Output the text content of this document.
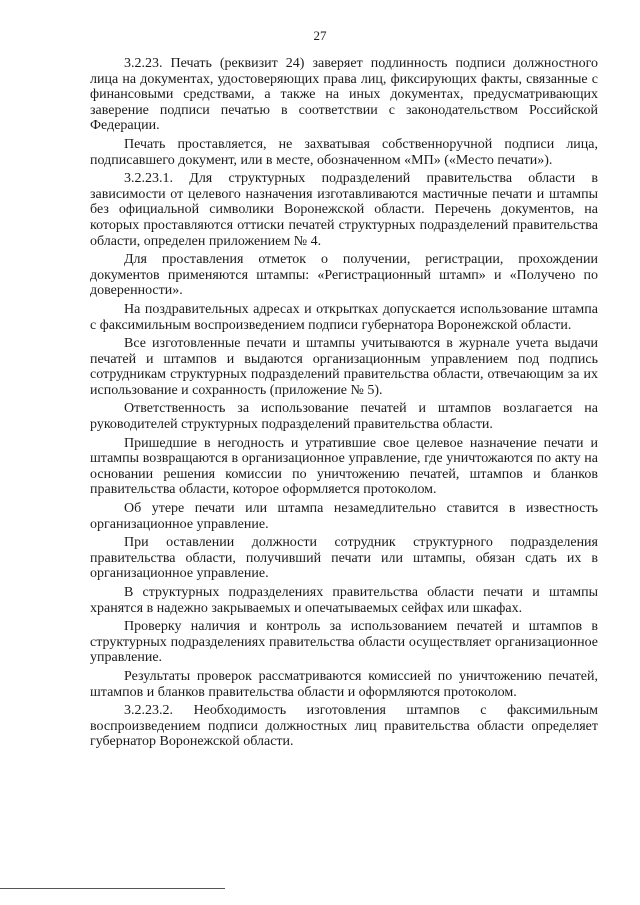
27

3.2.23. Печать (реквизит 24) заверяет подлинность подписи должностного лица на документах, удостоверяющих права лиц, фиксирующих факты, связанные с финансовыми средствами, а также на иных документах, предусматривающих заверение подписи печатью в соответствии с законодательством Российской Федерации.

Печать проставляется, не захватывая собственноручной подписи лица, подписавшего документ, или в месте, обозначенном «МП» («Место печати»).

3.2.23.1. Для структурных подразделений правительства области в зависимости от целевого назначения изготавливаются мастичные печати и штампы без официальной символики Воронежской области. Перечень документов, на которых проставляются оттиски печатей структурных подразделений правительства области, определен приложением № 4.

Для проставления отметок о получении, регистрации, прохождении документов применяются штампы: «Регистрационный штамп» и «Получено по доверенности».

На поздравительных адресах и открытках допускается использование штампа с факсимильным воспроизведением подписи губернатора Воронежской области.

Все изготовленные печати и штампы учитываются в журнале учета выдачи печатей и штампов и выдаются организационным управлением под подпись сотрудникам структурных подразделений правительства области, отвечающим за их использование и сохранность (приложение № 5).

Ответственность за использование печатей и штампов возлагается на руководителей структурных подразделений правительства области.

Пришедшие в негодность и утратившие свое целевое назначение печати и штампы возвращаются в организационное управление, где уничтожаются по акту на основании решения комиссии по уничтожению печатей, штампов и бланков правительства области, которое оформляется протоколом.

Об утере печати или штампа незамедлительно ставится в известность организационное управление.

При оставлении должности сотрудник структурного подразделения правительства области, получивший печати или штампы, обязан сдать их в организационное управление.

В структурных подразделениях правительства области печати и штампы хранятся в надежно закрываемых и опечатываемых сейфах или шкафах.

Проверку наличия и контроль за использованием печатей и штампов в структурных подразделениях правительства области осуществляет организационное управление.

Результаты проверок рассматриваются комиссией по уничтожению печатей, штампов и бланков правительства области и оформляются протоколом.

3.2.23.2. Необходимость изготовления штампов с факсимильным воспроизведением подписи должностных лиц правительства области определяет губернатор Воронежской области.
